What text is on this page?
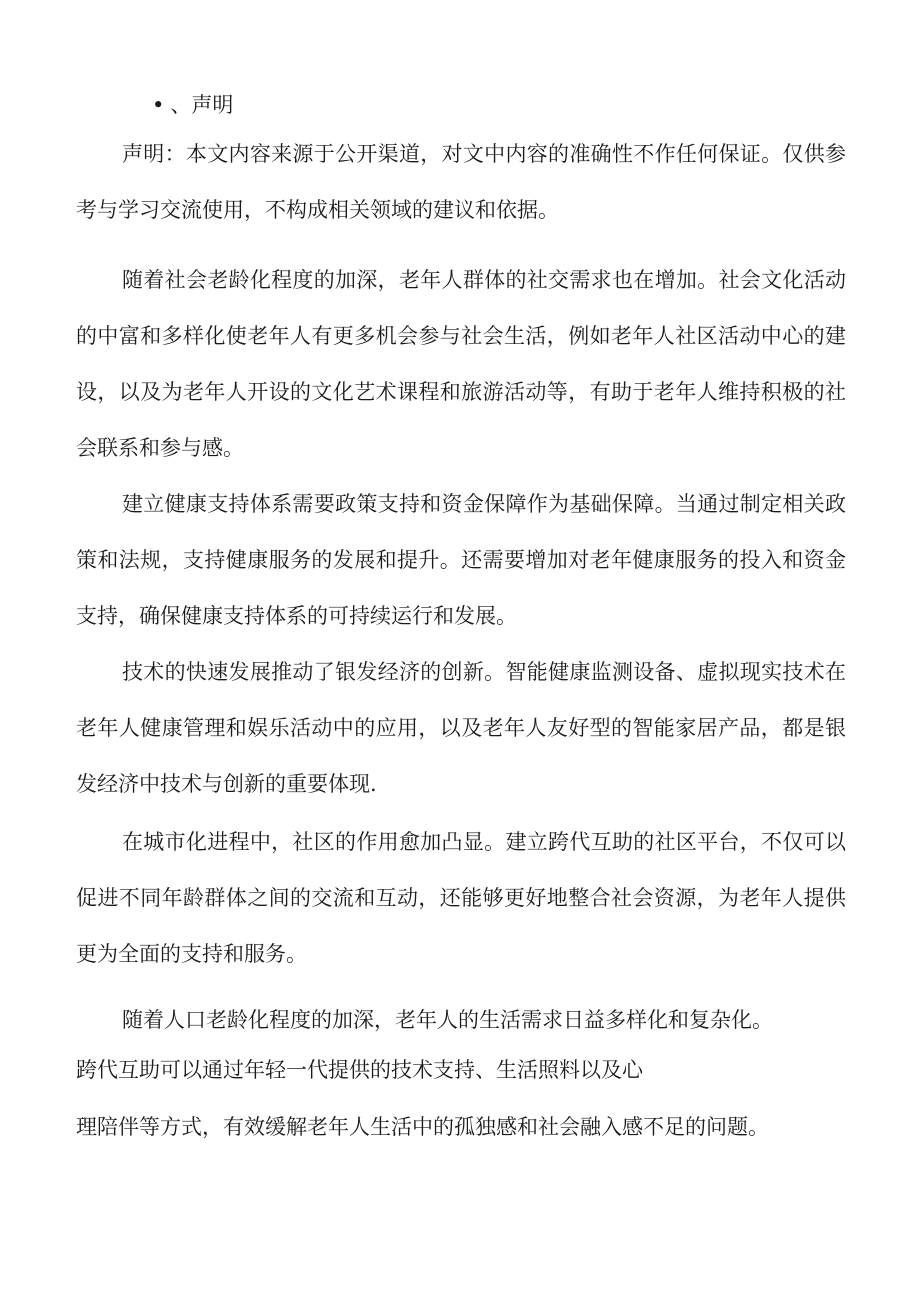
• 、声明

声明：本文内容来源于公开渠道，对文中内容的准确性不作任何保证。仅供参考与学习交流使用，不构成相关领域的建议和依据。

随着社会老龄化程度的加深，老年人群体的社交需求也在增加。社会文化活动的中富和多样化使老年人有更多机会参与社会生活，例如老年人社区活动中心的建设，以及为老年人开设的文化艺术课程和旅游活动等，有助于老年人维持积极的社会联系和参与感。

建立健康支持体系需要政策支持和资金保障作为基础保障。当通过制定相关政策和法规，支持健康服务的发展和提升。还需要增加对老年健康服务的投入和资金支持，确保健康支持体系的可持续运行和发展。

技术的快速发展推动了银发经济的创新。智能健康监测设备、虚拟现实技术在老年人健康管理和娱乐活动中的应用，以及老年人友好型的智能家居产品，都是银发经济中技术与创新的重要体现.

在城市化进程中，社区的作用愈加凸显。建立跨代互助的社区平台，不仅可以促进不同年龄群体之间的交流和互动，还能够更好地整合社会资源，为老年人提供更为全面的支持和服务。

随着人口老龄化程度的加深，老年人的生活需求日益多样化和复杂化。
跨代互助可以通过年轻一代提供的技术支持、生活照料以及心
理陪伴等方式，有效缓解老年人生活中的孤独感和社会融入感不足的问题。
